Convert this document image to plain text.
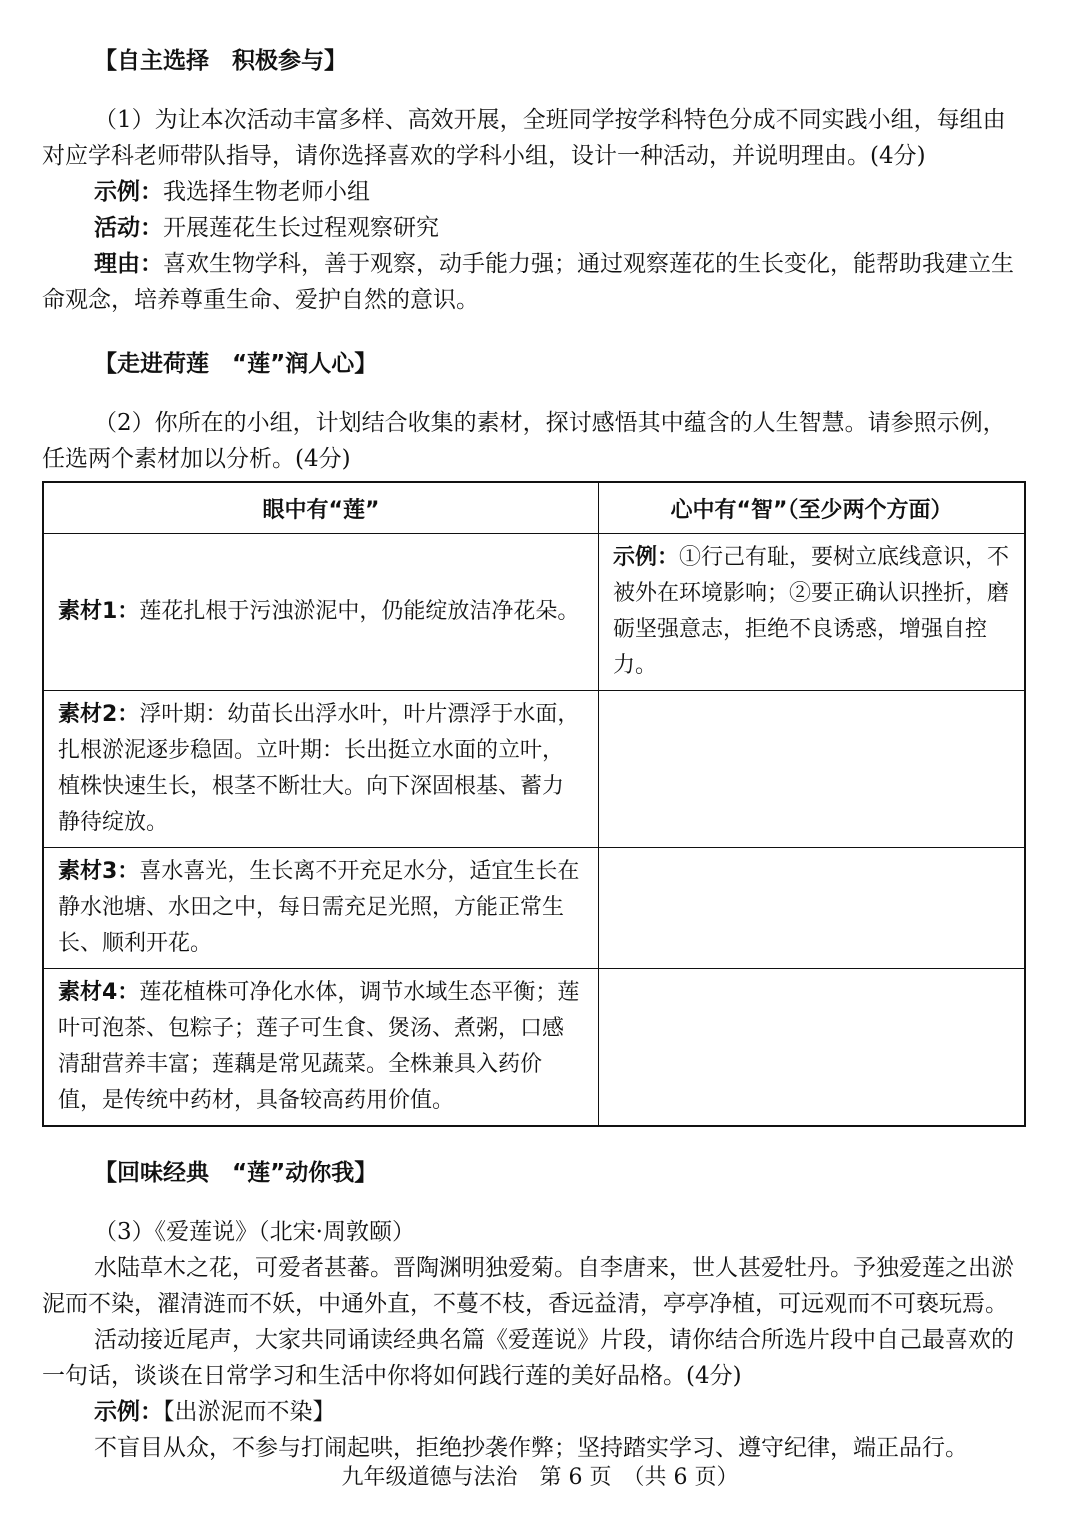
【自主选择　积极参与】

（1）为让本次活动丰富多样、高效开展，全班同学按学科特色分成不同实践小组，每组由对应学科老师带队指导，请你选择喜欢的学科小组，设计一种活动，并说明理由。(4分)

示例：我选择生物老师小组

活动：开展莲花生长过程观察研究

理由：喜欢生物学科，善于观察，动手能力强；通过观察莲花的生长变化，能帮助我建立生命观念，培养尊重生命、爱护自然的意识。

【走进荷莲　“莲”润人心】

（2）你所在的小组，计划结合收集的素材，探讨感悟其中蕴含的人生智慧。请参照示例，任选两个素材加以分析。(4分)

眼中有“莲”	心中有“智”（至少两个方面）
素材1：莲花扎根于污浊淤泥中，仍能绽放洁净花朵。	示例：①行己有耻，要树立底线意识，不被外在环境影响；②要正确认识挫折，磨砺坚强意志，拒绝不良诱惑，增强自控力。
素材2：浮叶期：幼苗长出浮水叶，叶片漂浮于水面，扎根淤泥逐步稳固。立叶期：长出挺立水面的立叶，植株快速生长，根茎不断壮大。向下深固根基、蓄力静待绽放。	
素材3：喜水喜光，生长离不开充足水分，适宜生长在静水池塘、水田之中，每日需充足光照，方能正常生长、顺利开花。	
素材4：莲花植株可净化水体，调节水域生态平衡；莲叶可泡茶、包粽子；莲子可生食、煲汤、煮粥，口感清甜营养丰富；莲藕是常见蔬菜。全株兼具入药价值，是传统中药材，具备较高药用价值。	

【回味经典　“莲”动你我】

（3）《爱莲说》（北宋·周敦颐）

水陆草木之花，可爱者甚蕃。晋陶渊明独爱菊。自李唐来，世人甚爱牡丹。予独爱莲之出淤泥而不染，濯清涟而不妖，中通外直，不蔓不枝，香远益清，亭亭净植，可远观而不可亵玩焉。

活动接近尾声，大家共同诵读经典名篇《爱莲说》片段，请你结合所选片段中自己最喜欢的一句话，谈谈在日常学习和生活中你将如何践行莲的美好品格。(4分)

示例：【出淤泥而不染】

不盲目从众，不参与打闹起哄，拒绝抄袭作弊；坚持踏实学习、遵守纪律，端正品行。

九年级道德与法治　第 6 页　（共 6 页）
